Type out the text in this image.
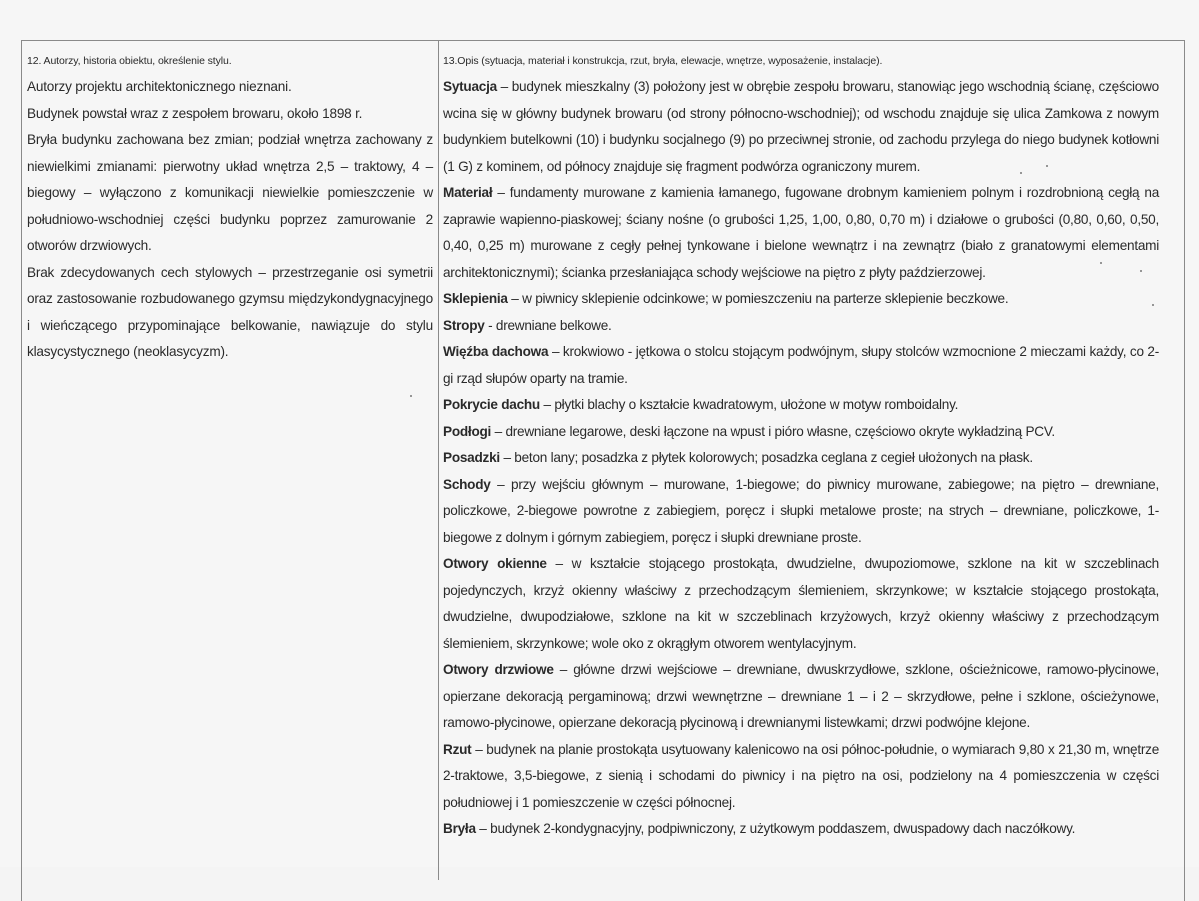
12. Autorzy, historia obiektu, określenie stylu.

Autorzy projektu architektonicznego nieznani.

Budynek powstał wraz z zespołem browaru, około 1898 r.

Bryła budynku zachowana bez zmian; podział wnętrza zachowany z niewielkimi zmianami: pierwotny układ wnętrza 2,5 – traktowy, 4 – biegowy – wyłączono z komunikacji niewielkie pomieszczenie w południowo-wschodniej części budynku poprzez zamurowanie 2 otworów drzwiowych.

Brak zdecydowanych cech stylowych – przestrzeganie osi symetrii oraz zastosowanie rozbudowanego gzymsu międzykondygnacyjnego i wieńczącego przypominające belkowanie, nawiązuje do stylu klasycystycznego (neoklasycyzm).

13.Opis (sytuacja, materiał i konstrukcja, rzut, bryła, elewacje, wnętrze, wyposażenie, instalacje).

Sytuacja – budynek mieszkalny (3) położony jest w obrębie zespołu browaru, stanowiąc jego wschodnią ścianę, częściowo wcina się w główny budynek browaru (od strony północno-wschodniej); od wschodu znajduje się ulica Zamkowa z nowym budynkiem butelkowni (10) i budynku socjalnego (9) po przeciwnej stronie, od zachodu przylega do niego budynek kotłowni (1 G) z kominem, od północy znajduje się fragment podwórza ograniczony murem.

Materiał – fundamenty murowane z kamienia łamanego, fugowane drobnym kamieniem polnym i rozdrobnioną cegłą na zaprawie wapienno-piaskowej; ściany nośne (o grubości 1,25, 1,00, 0,80, 0,70 m) i działowe o grubości (0,80, 0,60, 0,50, 0,40, 0,25 m) murowane z cegły pełnej tynkowane i bielone wewnątrz i na zewnątrz (biało z granatowymi elementami architektonicznymi); ścianka przesłaniająca schody wejściowe na piętro z płyty paździerzowej.

Sklepienia – w piwnicy sklepienie odcinkowe; w pomieszczeniu na parterze sklepienie beczkowe.

Stropy - drewniane belkowe.

Więźba dachowa – krokwiowo - jętkowa o stolcu stojącym podwójnym, słupy stolców wzmocnione 2 mieczami każdy, co 2-gi rząd słupów oparty na tramie.

Pokrycie dachu – płytki blachy o kształcie kwadratowym, ułożone w motyw romboidalny.

Podłogi – drewniane legarowe, deski łączone na wpust i pióro własne, częściowo okryte wykładziną PCV.

Posadzki – beton lany; posadzka z płytek kolorowych; posadzka ceglana z cegieł ułożonych na płask.

Schody – przy wejściu głównym – murowane, 1-biegowe; do piwnicy murowane, zabiegowe; na piętro – drewniane, policzkowe, 2-biegowe powrotne z zabiegiem, poręcz i słupki metalowe proste; na strych – drewniane, policzkowe, 1-biegowe z dolnym i górnym zabiegiem, poręcz i słupki drewniane proste.

Otwory okienne – w kształcie stojącego prostokąta, dwudzielne, dwupoziomowe, szklone na kit w szczeblinach pojedynczych, krzyż okienny właściwy z przechodzącym ślemieniem, skrzynkowe; w kształcie stojącego prostokąta, dwudzielne, dwupodziałowe, szklone na kit w szczeblinach krzyżowych, krzyż okienny właściwy z przechodzącym ślemieniem, skrzynkowe; wole oko z okrągłym otworem wentylacyjnym.

Otwory drzwiowe – główne drzwi wejściowe – drewniane, dwuskrzydłowe, szklone, ościeżnicowe, ramowo-płycinowe, opierzane dekoracją pergaminową; drzwi wewnętrzne – drewniane 1 – i 2 – skrzydłowe, pełne i szklone, ościeżynowe, ramowo-płycinowe, opierzane dekoracją płycinową i drewnianymi listewkami; drzwi podwójne klejone.

Rzut – budynek na planie prostokąta usytuowany kalenicowo na osi północ-południe, o wymiarach 9,80 x 21,30 m, wnętrze 2-traktowe, 3,5-biegowe, z sienią i schodami do piwnicy i na piętro na osi, podzielony na 4 pomieszczenia w części południowej i 1 pomieszczenie w części północnej.

Bryła – budynek 2-kondygnacyjny, podpiwniczony, z użytkowym poddaszem, dwuspadowy dach naczółkowy.
